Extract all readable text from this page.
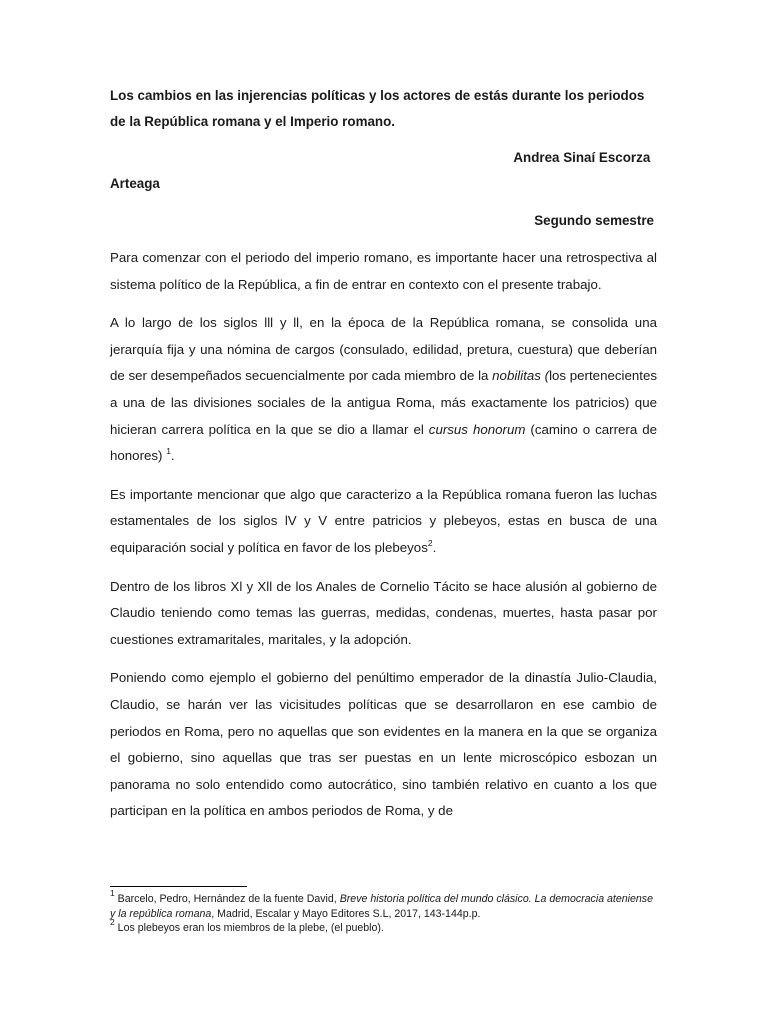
Los cambios en las injerencias políticas y los actores de estás durante los periodos de la República romana y el Imperio romano.

Andrea Sinaí Escorza
Arteaga
Segundo semestre

Para comenzar con el periodo del imperio romano, es importante hacer una retrospectiva al sistema político de la República, a fin de entrar en contexto con el presente trabajo.

A lo largo de los siglos lll y ll, en la época de la República romana, se consolida una jerarquía fija y una nómina de cargos (consulado, edilidad, pretura, cuestura) que deberían de ser desempeñados secuencialmente por cada miembro de la nobilitas (los pertenecientes a una de las divisiones sociales de la antigua Roma, más exactamente los patricios) que hicieran carrera política en la que se dio a llamar el cursus honorum (camino o carrera de honores) $^1$.

Es importante mencionar que algo que caracterizo a la República romana fueron las luchas estamentales de los siglos lV y V entre patricios y plebeyos, estas en busca de una equiparación social y política en favor de los plebeyos$^2$.

Dentro de los libros Xl y Xll de los Anales de Cornelio Tácito se hace alusión al gobierno de Claudio teniendo como temas las guerras, medidas, condenas, muertes, hasta pasar por cuestiones extramaritales, maritales, y la adopción.

Poniendo como ejemplo el gobierno del penúltimo emperador de la dinastía Julio-Claudia, Claudio, se harán ver las vicisitudes políticas que se desarrollaron en ese cambio de periodos en Roma, pero no aquellas que son evidentes en la manera en la que se organiza el gobierno, sino aquellas que tras ser puestas en un lente microscópico esbozan un panorama no solo entendido como autocrático, sino también relativo en cuanto a los que participan en la política en ambos periodos de Roma, y de

$^1$ Barcelo, Pedro, Hernández de la fuente David, Breve historia política del mundo clásico. La democracia ateniense y la república romana, Madrid, Escalar y Mayo Editores S.L, 2017, 143-144p.p.

$^2$ Los plebeyos eran los miembros de la plebe, (el pueblo).
